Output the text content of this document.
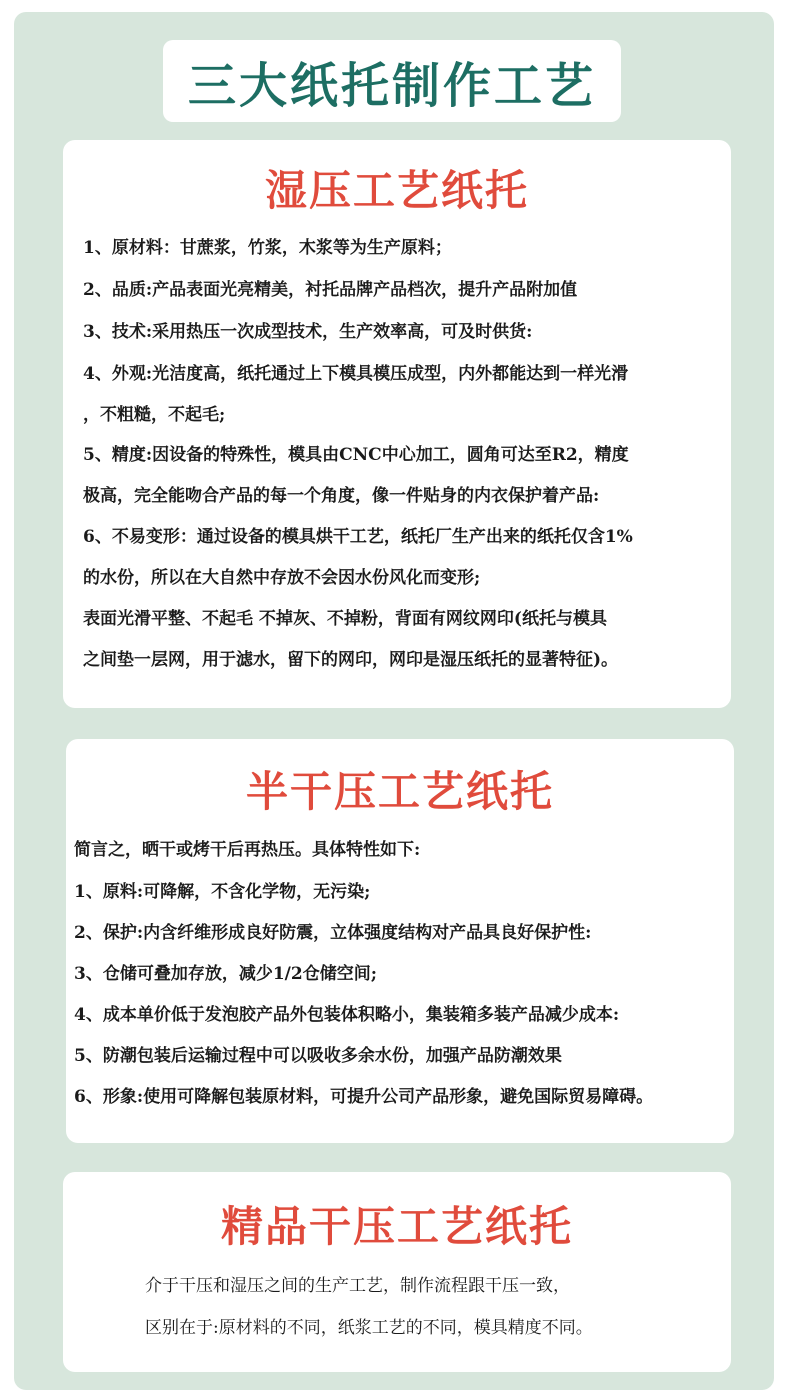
三大纸托制作工艺
湿压工艺纸托
1、原材料：甘蔗浆，竹浆，木浆等为生产原料；
2、品质:产品表面光亮精美，衬托品牌产品档次，提升产品附加值
3、技术:采用热压一次成型技术，生产效率高，可及时供货:
4、外观:光洁度高，纸托通过上下模具模压成型，内外都能达到一样光滑
，不粗糙，不起毛;
5、精度:因设备的特殊性，模具由CNC中心加工，圆角可达至R2，精度
极高，完全能吻合产品的每一个角度，像一件贴身的内衣保护着产品:
6、不易变形：通过设备的模具烘干工艺，纸托厂生产出来的纸托仅含1%
的水份，所以在大自然中存放不会因水份风化而变形;
表面光滑平整、不起毛 不掉灰、不掉粉，背面有网纹网印(纸托与模具
之间垫一层网，用于滤水，留下的网印，网印是湿压纸托的显著特征)。
半干压工艺纸托
简言之，晒干或烤干后再热压。具体特性如下:
1、原料:可降解，不含化学物，无污染;
2、保护:内含纤维形成良好防震，立体强度结构对产品具良好保护性:
3、仓储可叠加存放，减少1/2仓储空间;
4、成本单价低于发泡胶产品外包装体积略小，集装箱多装产品减少成本:
5、防潮包装后运输过程中可以吸收多余水份，加强产品防潮效果
6、形象:使用可降解包装原材料，可提升公司产品形象，避免国际贸易障碍。
精品干压工艺纸托
介于干压和湿压之间的生产工艺，制作流程跟干压一致，
区别在于:原材料的不同，纸浆工艺的不同，模具精度不同。
